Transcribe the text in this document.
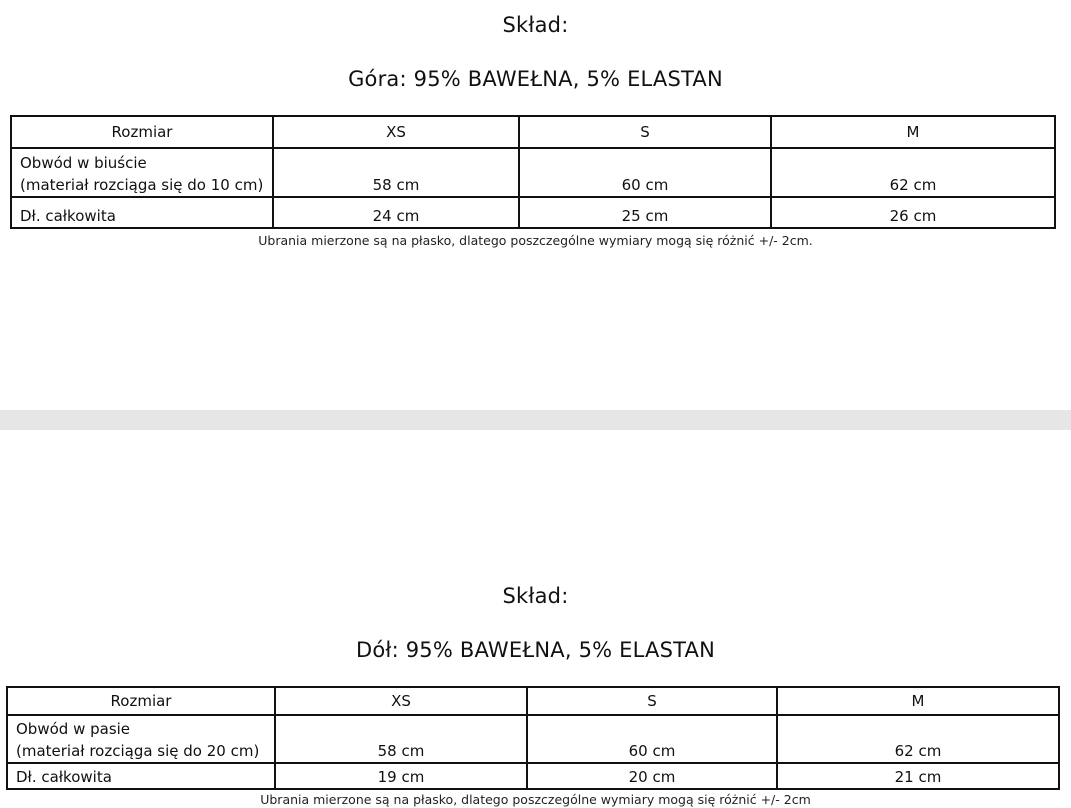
Skład:
Góra: 95% BAWEŁNA, 5% ELASTAN
Rozmiar	XS	S	M

Obwód w biuście
(materiał rozciąga się do 10 cm)	58 cm	60 cm	62 cm
Dł. całkowita	24 cm	25 cm	26 cm
Ubrania mierzone są na płasko, dlatego poszczególne wymiary mogą się różnić +/- 2cm.
Skład:
Dół: 95% BAWEŁNA, 5% ELASTAN
Rozmiar	XS	S	M

Obwód w pasie
(materiał rozciąga się do 20 cm)	58 cm	60 cm	62 cm
Dł. całkowita	19 cm	20 cm	21 cm
Ubrania mierzone są na płasko, dlatego poszczególne wymiary mogą się różnić +/- 2cm
